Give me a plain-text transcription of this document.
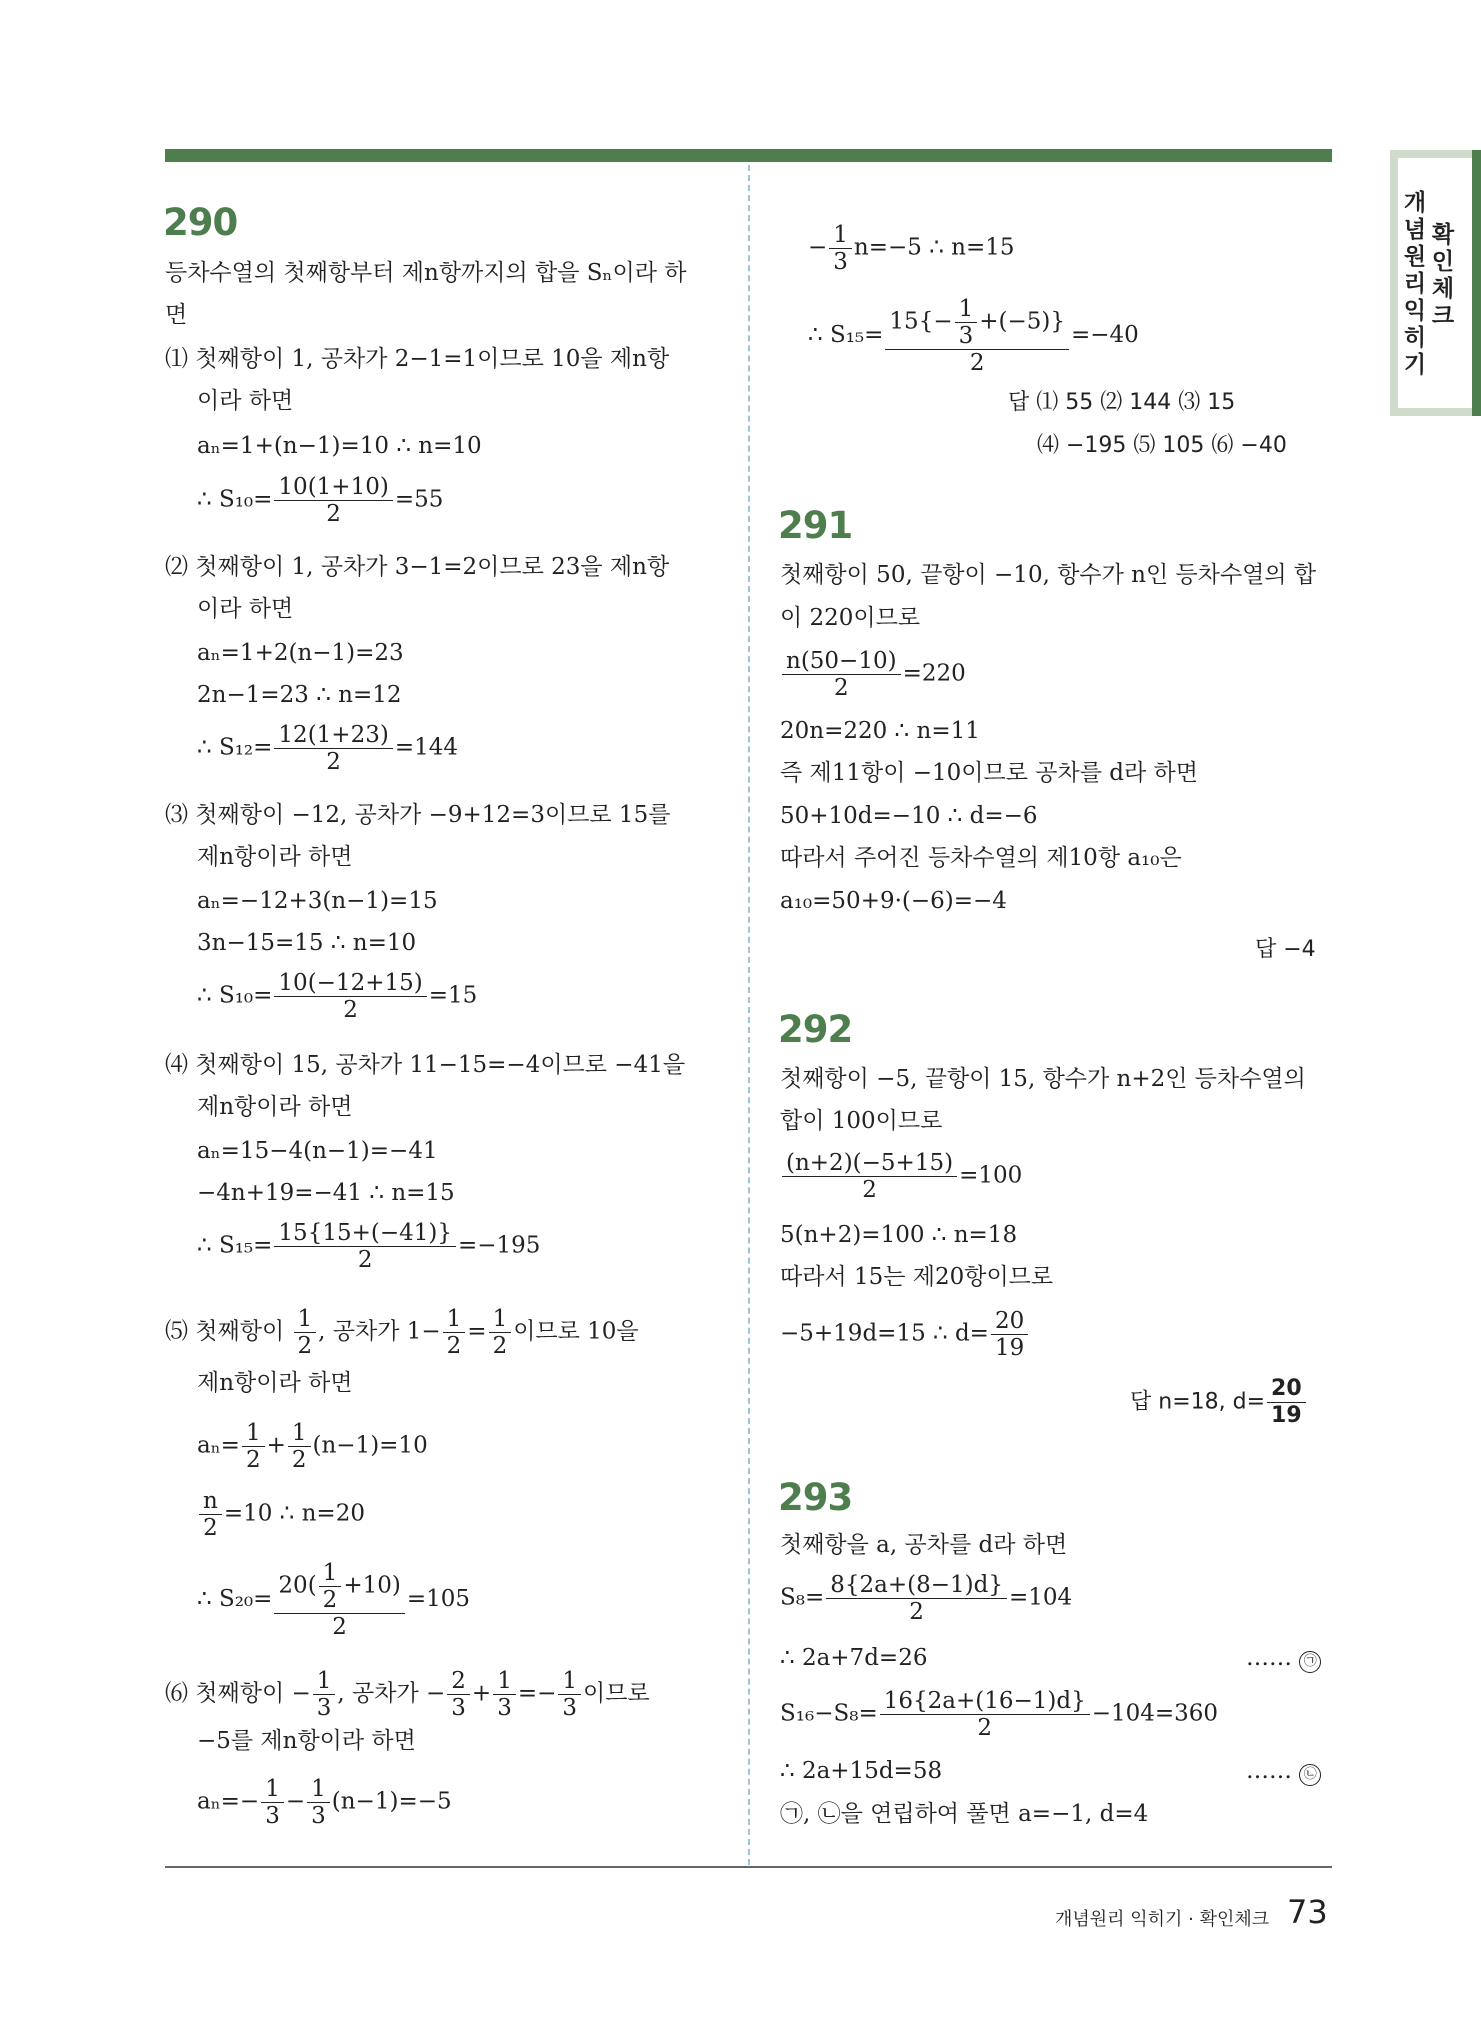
개념원리 익히기
확인체크
290
등차수열의 첫째항부터 제n항까지의 합을 Sₙ이라 하
면
⑴ 첫째항이 1, 공차가 2−1=1이므로 10을 제n항
이라 하면
aₙ=1+(n−1)=10 ∴ n=10
∴ $S_{10}= \frac{10(1+10)}{2} =55$
⑵ 첫째항이 1, 공차가 3−1=2이므로 23을 제n항
이라 하면
aₙ=1+2(n−1)=23
2n−1=23 ∴ n=12
∴ $S_{12}= \frac{12(1+23)}{2} =144$
⑶ 첫째항이 −12, 공차가 −9+12=3이므로 15를
제n항이라 하면
aₙ=−12+3(n−1)=15
3n−15=15 ∴ n=10
∴ $S_{10}= \frac{10(-12+15)}{2} =15$
⑷ 첫째항이 15, 공차가 11−15=−4이므로 −41을
제n항이라 하면
aₙ=15−4(n−1)=−41
−4n+19=−41 ∴ n=15
∴ $S_{15}= \frac{15\{15+(-41)\}}{2} =-195$
⑸ 첫째항이 $\frac{1}{2}$ , 공차가 $1- \frac{1}{2} = \frac{1}{2}$ 이므로 10을
제n항이라 하면
$a_n= \frac{1}{2} + \frac{1}{2} (n-1)=10$
$\frac{n}{2} =10$ ∴ n=20
∴ $S_{20}= \frac{20( \frac{1}{2} +10)}{2} =105$
⑹ 첫째항이 − $\frac{1}{3}$ , 공차가 − $\frac{2}{3} + \frac{1}{3} =- \frac{1}{3}$ 이므로
−5를 제n항이라 하면
$a_n=- \frac{1}{3} - \frac{1}{3} (n-1)=-5$
− $\frac{1}{3} n=-5$ ∴ n=15
∴ $S_{15}= \frac{15\{- \frac{1}{3} +(-5)\}}{2} =-40$
답 ⑴ 55 ⑵ 144 ⑶ 15
⑷ −195 ⑸ 105 ⑹ −40
291
첫째항이 50, 끝항이 −10, 항수가 n인 등차수열의 합
이 220이므로
$\frac{n(50-10)}{2} =220$
20n=220 ∴ n=11
즉 제11항이 −10이므로 공차를 d라 하면
50+10d=−10 ∴ d=−6
따라서 주어진 등차수열의 제10항 a₁₀은
a₁₀=50+9·(−6)=−4
답 −4
292
첫째항이 −5, 끝항이 15, 항수가 n+2인 등차수열의
합이 100이므로
$\frac{(n+2)(-5+15)}{2} =100$
5(n+2)=100 ∴ n=18
따라서 15는 제20항이므로
−5+19d=15 ∴ $d= \frac{20}{19}$
답 n=18, $d= \frac{20}{19}$
293
첫째항을 a, 공차를 d라 하면
$S_8= \frac{8\{2a+(8-1)d\}}{2} =104$
∴ 2a+7d=26	…… ㉠
$S_{16}-S_8= \frac{16\{2a+(16-1)d\}}{2} -104=360$
∴ 2a+15d=58	…… ㉡
㉠, ㉡을 연립하여 풀면 a=−1, d=4
개념원리 익히기 · 확인체크 73
